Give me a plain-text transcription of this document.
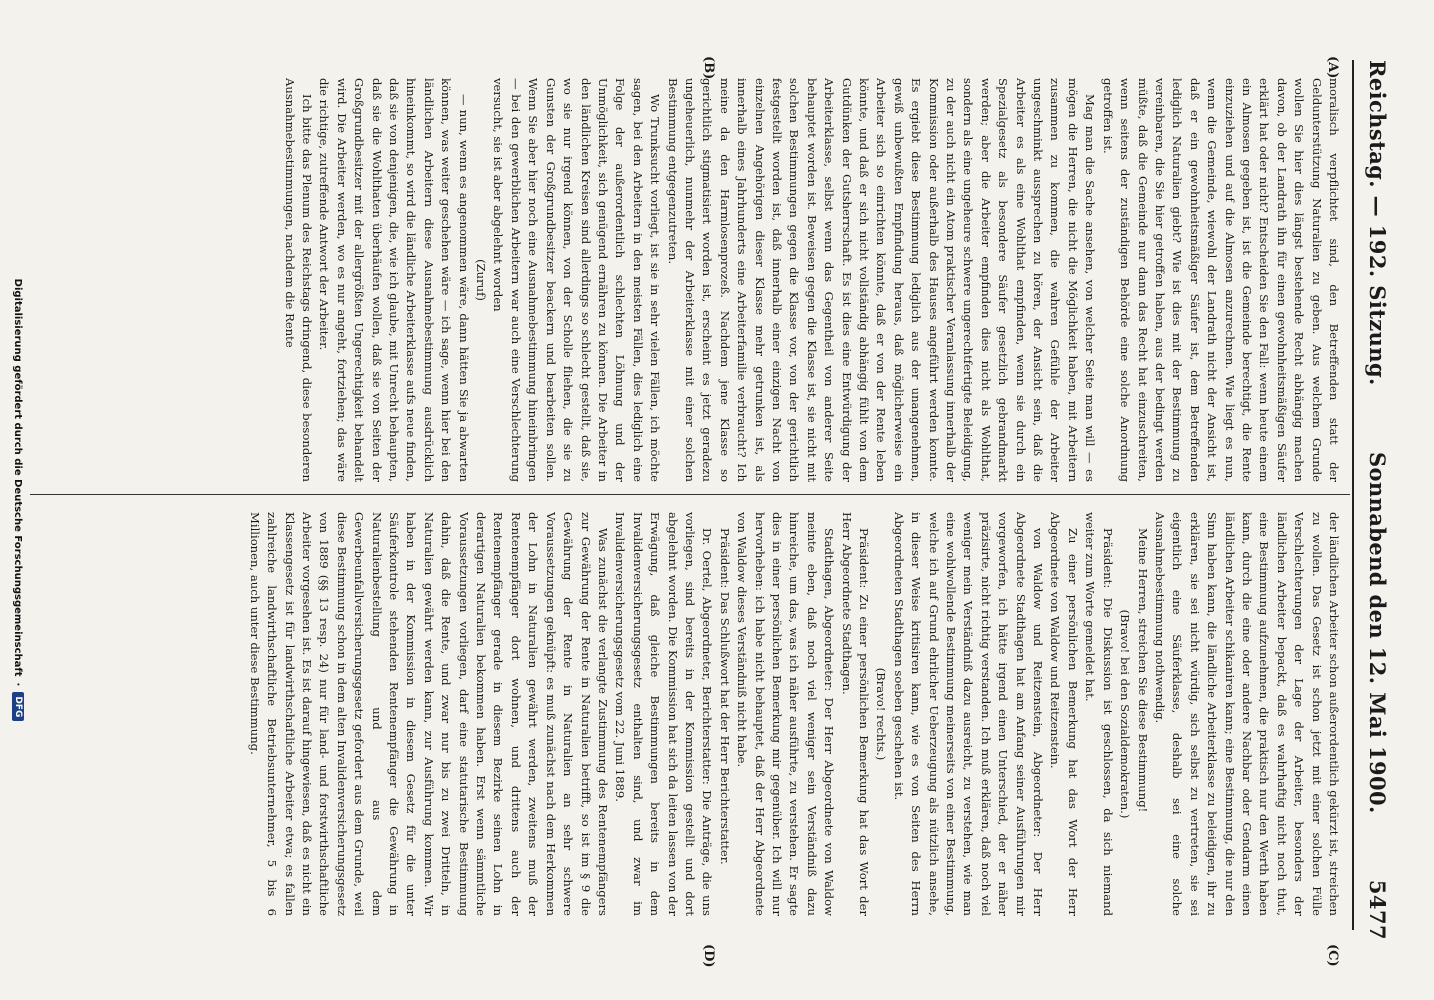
Reichstag. — 192. Sitzung.
Sonnabend den 12. Mai 1900.
5477
(A)
(B)
(C)
(D)

moralisch verpflichtet sind, den Betreffenden statt der Geldunterstützung Naturalien zu geben. Aus welchem Grunde wollen Sie hier dies längst bestehende Recht abhängig machen davon, ob der Landrath ihn für einen gewohnheitsmäßigen Säufer erklärt hat oder nicht? Entscheiden Sie den Fall: wenn heute einem ein Almosen gegeben ist, ist die Gemeinde berechtigt, die Rente einzuziehen und auf die Almosen anzurechnen. Wie liegt es nun, wenn die Gemeinde, wiewohl der Landrath nicht der Ansicht ist, daß er ein gewohnheitsmäßiger Säufer ist, dem Betreffenden lediglich Naturalien giebt? Wie ist dies mit der Bestimmung zu vereinbaren, die Sie hier getroffen haben, aus der bedingt werden müßte, daß die Gemeinde nur dann das Recht hat einzuschreiten, wenn seitens der zuständigen Behörde eine solche Anordnung getroffen ist.

Mag man die Sache ansehen, von welcher Seite man will — es mögen die Herren, die nicht die Möglichkeit haben, mit Arbeitern zusammen zu kommen, die wahren Gefühle der Arbeiter ungeschminkt aussprechen zu hören, der Ansicht sein, daß die Arbeiter es als eine Wohlthat empfinden, wenn sie durch ein Spezialgesetz als besondere Säufer gesetzlich gebrandmarkt werden; aber die Arbeiter empfinden dies nicht als Wohlthat, sondern als eine ungeheure schwere ungerechtfertigte Beleidigung, zu der auch nicht ein Atom praktischer Veranlassung innerhalb der Kommission oder außerhalb des Hauses angeführt werden konnte. Es ergiebt diese Bestimmung lediglich aus der unangenehmen, gewiß unbewußten Empfindung heraus, daß möglicherweise ein Arbeiter sich so einrichten könnte, daß er von der Rente leben könnte, und daß er sich nicht vollständig abhängig fühlt von dem Gutdünken der Gutsherrschaft. Es ist dies eine Entwürdigung der Arbeiterklasse, selbst wenn das Gegentheil von anderer Seite behauptet worden ist. Beweisen gegen die Klasse ist, sie nicht mit solchen Bestimmungen gegen die Klasse vor, von der gerichtlich festgestellt worden ist, daß innerhalb einer einzigen Nacht von einzelnen Angehörigen dieser Klasse mehr getrunken ist, als innerhalb eines Jahrhunderts eine Arbeiterfamilie verbraucht? Ich meine da den Harmlosenprozeß. Nachdem jene Klasse so gerichtlich stigmatisiert worden ist, erscheint es jetzt geradezu ungeheuerlich, nunmehr der Arbeiterklasse mit einer solchen Bestimmung entgegenzutreten.

Wo Trunksucht vorliegt, ist sie in sehr vielen Fällen, ich möchte sagen, bei den Arbeitern in den meisten Fällen, dies lediglich eine Folge der außerordentlich schlechten Löhnung und der Unmöglichkeit, sich genügend ernähren zu können. Die Arbeiter in den ländlichen Kreisen sind allerdings so schlecht gestellt, daß sie, wo sie nur irgend können, von der Scholle fliehen, die sie zu Gunsten der Großgrundbesitzer beackern und bearbeiten sollen. Wenn Sie aber hier noch eine Ausnahmebestimmung hineinbringen — bei den gewerblichen Arbeitern war auch eine Verschlechterung versucht, sie ist aber abgelehnt worden

(Zuruf)

— nun, wenn es angenommen wäre, dann hätten Sie ja abwarten können, was weiter geschehen wäre — ich sage, wenn hier bei den ländlichen Arbeitern diese Ausnahmebestimmung ausdrücklich hineinkommt, so wird die ländliche Arbeiterklasse aufs neue finden, daß sie von denjenigen, die, wie ich glaube, mit Unrecht behaupten, daß sie die Wohlthaten überhäufen wollen, daß sie von Seiten der Großgrundbesitzer mit der allergrößten Ungerechtigkeit behandelt wird. Die Arbeiter werden, wo es nur angeht, fortziehen; das wäre die richtige, zutreffende Antwort der Arbeiter.

Ich bitte das Plenum des Reichstags dringend, diese besonderen Ausnahmebestimmungen, nachdem die Rente

der ländlichen Arbeiter schon außerordentlich gekürzt ist, streichen zu wollen. Das Gesetz ist schon jetzt mit einer solchen Fülle Verschlechterungen der Lage der Arbeiter, besonders der ländlichen Arbeiter bepackt, daß es wahrhaftig nicht noch thut, eine Bestimmung aufzunehmen, die praktisch nur den Werth haben kann, durch die eine oder andere Nachbar oder Gendarm einen ländlichen Arbeiter schikaniren kann; eine Bestimmung, die nur den Sinn haben kann, die ländliche Arbeiterklasse zu beleidigen, ihr zu erklären, sie sei nicht würdig, sich selbst zu vertreten, sie sei eigentlich eine Säuferklasse, deshalb sei eine solche Ausnahmebestimmung nothwendig.

Meine Herren, streichen Sie diese Bestimmung!

(Bravo! bei den Sozialdemokraten.)

Präsident: Die Diskussion ist geschlossen, da sich niemand weiter zum Worte gemeldet hat.

Zu einer persönlichen Bemerkung hat das Wort der Herr Abgeordnete von Waldow und Reitzenstein.

von Waldow und Reitzenstein, Abgeordneter: Der Herr Abgeordnete Stadthagen hat am Anfang seiner Ausführungen mir vorgeworfen, ich hätte irgend einen Unterschied, der er näher präzisirte, nicht richtig verstanden. Ich muß erklären, daß noch viel weniger mein Verständniß dazu ausreicht, zu verstehen, wie man eine wohlwollende Bestimmung meinerseits von einer Bestimmung, welche ich auf Grund ehrlicher Ueberzeugung als nützlich ansehe, in dieser Weise kritisiren kann, wie es von Seiten des Herrn Abgeordneten Stadthagen soeben geschehen ist.

(Bravo! rechts.)

Präsident: Zu einer persönlichen Bemerkung hat das Wort der Herr Abgeordnete Stadthagen.

Stadthagen, Abgeordneter: Der Herr Abgeordnete von Waldow meinte eben, daß noch viel weniger sein Verständniß dazu hinreiche, um das, was ich näher ausführte, zu verstehen. Er sagte dies in einer persönlichen Bemerkung mir gegenüber. Ich will nur hervorheben: ich habe nicht behauptet, daß der Herr Abgeordnete von Waldow dieses Verständniß nicht habe.

Präsident: Das Schlußwort hat der Herr Berichterstatter.

Dr. Oertel, Abgeordneter, Berichterstatter: Die Anträge, die uns vorliegen, sind bereits in der Kommission gestellt und dort abgelehnt worden. Die Kommission hat sich da leiten lassen von der Erwägung, daß gleiche Bestimmungen bereits in dem Invalidenversicherungsgesetz enthalten sind, und zwar im Invalidenversicherungsgesetz vom 22. Juni 1889.

Was zunächst die verlangte Zustimmung des Rentenempfängers zur Gewährung der Rente in Naturalien betrifft, so ist im § 9 die Gewährung der Rente in Naturalien an sehr schwere Voraussetzungen geknüpft: es muß zunächst nach dem Herkommen der Lohn in Naturalien gewährt werden, zweitens muß der Rentenempfänger dort wohnen, und drittens auch der Rentenempfänger gerade in diesem Bezirke seinen Lohn in derartigen Naturalien bekommen haben. Erst wenn sämmtliche Voraussetzungen vorliegen, darf eine statutarische Bestimmung dahin, daß die Rente, und zwar nur bis zu zwei Dritteln, in Naturalien gewährt werden kann, zur Ausführung kommen. Wir haben in der Kommission in diesem Gesetz für die unter Säuferkontrole stehenden Rentenempfänger die Gewährung in Naturalienbestellung und aus dem Gewerbeunfallversicherungsgesetz gefordert aus dem Grunde, weil diese Bestimmung schon in dem alten Invalidenversicherungsgesetz von 1889 (§§ 13 resp. 24) nur für land- und forstwirthschaftliche Arbeiter vorgesehen ist. Es ist darauf hingewiesen, daß es nicht ein Klassengesetz ist für landwirthschaftliche Arbeiter etwa; es fallen zahlreiche landwirthschaftliche Betriebsunternehmer, 5 bis 6 Millionen, auch unter diese Bestimmung.

Digitalisierung gefördert durch die Deutsche Forschungsgemeinschaft
·
DFG
